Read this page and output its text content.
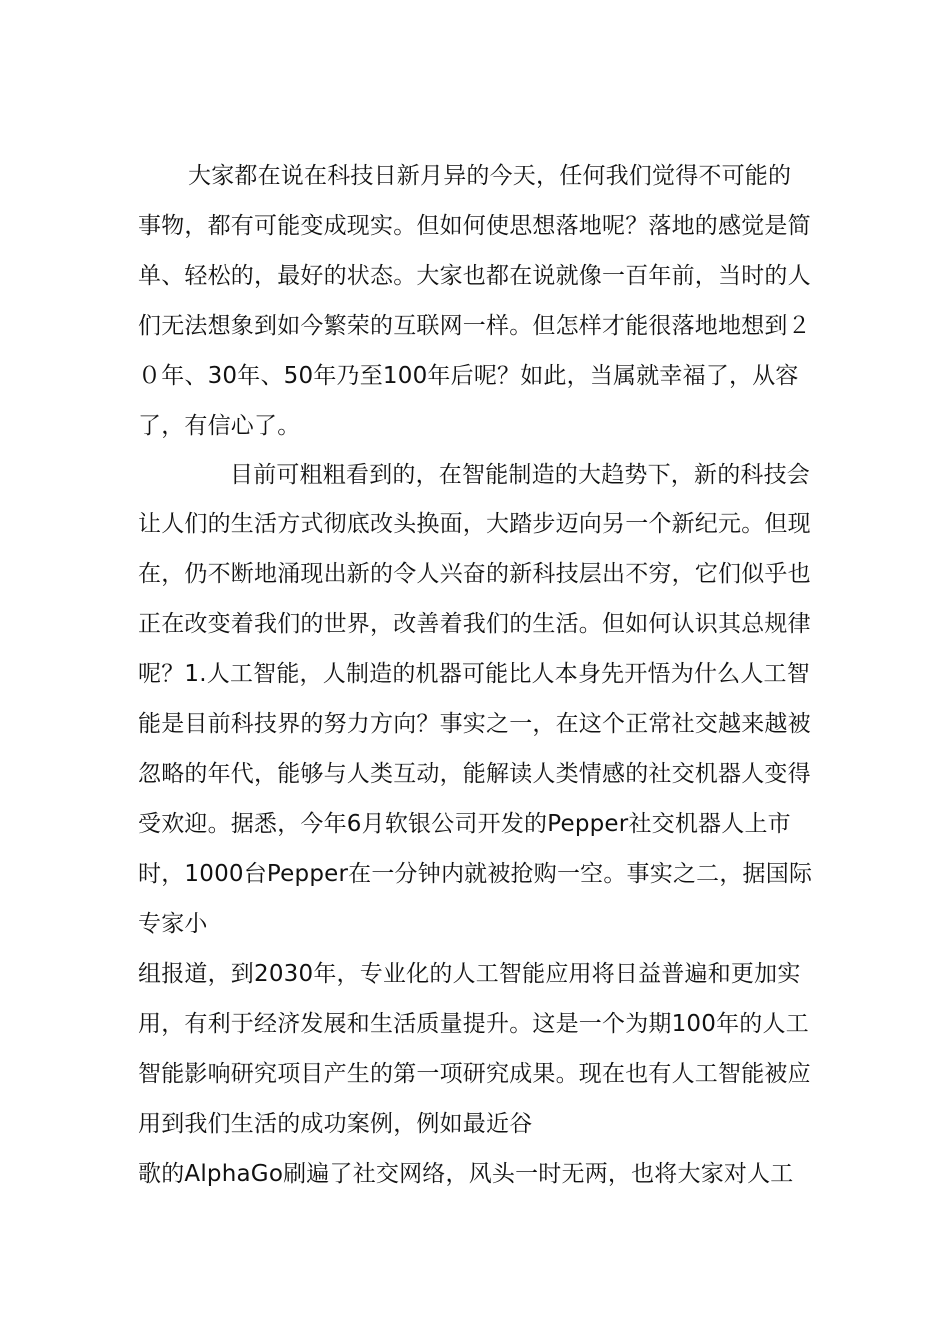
大家都在说在科技日新月异的今天，任何我们觉得不可能的
事物，都有可能变成现实。但如何使思想落地呢？落地的感觉是简
单、轻松的，最好的状态。大家也都在说就像一百年前，当时的人
们无法想象到如今繁荣的互联网一样。但怎样才能很落地地想到２
０年、30年、50年乃至100年后呢？如此，当属就幸福了，从容
了，有信心了。
目前可粗粗看到的，在智能制造的大趋势下，新的科技会
让人们的生活方式彻底改头换面，大踏步迈向另一个新纪元。但现
在，仍不断地涌现出新的令人兴奋的新科技层出不穷，它们似乎也
正在改变着我们的世界，改善着我们的生活。但如何认识其总规律
呢？1.人工智能，人制造的机器可能比人本身先开悟为什么人工智
能是目前科技界的努力方向？事实之一，在这个正常社交越来越被
忽略的年代，能够与人类互动，能解读人类情感的社交机器人变得
受欢迎。据悉，今年6月软银公司开发的Pepper社交机器人上市
时，1000台Pepper在一分钟内就被抢购一空。事实之二，据国际
专家小
组报道，到2030年，专业化的人工智能应用将日益普遍和更加实
用，有利于经济发展和生活质量提升。这是一个为期100年的人工
智能影响研究项目产生的第一项研究成果。现在也有人工智能被应
用到我们生活的成功案例，例如最近谷
歌的AlphaGo刷遍了社交网络，风头一时无两，也将大家对人工
